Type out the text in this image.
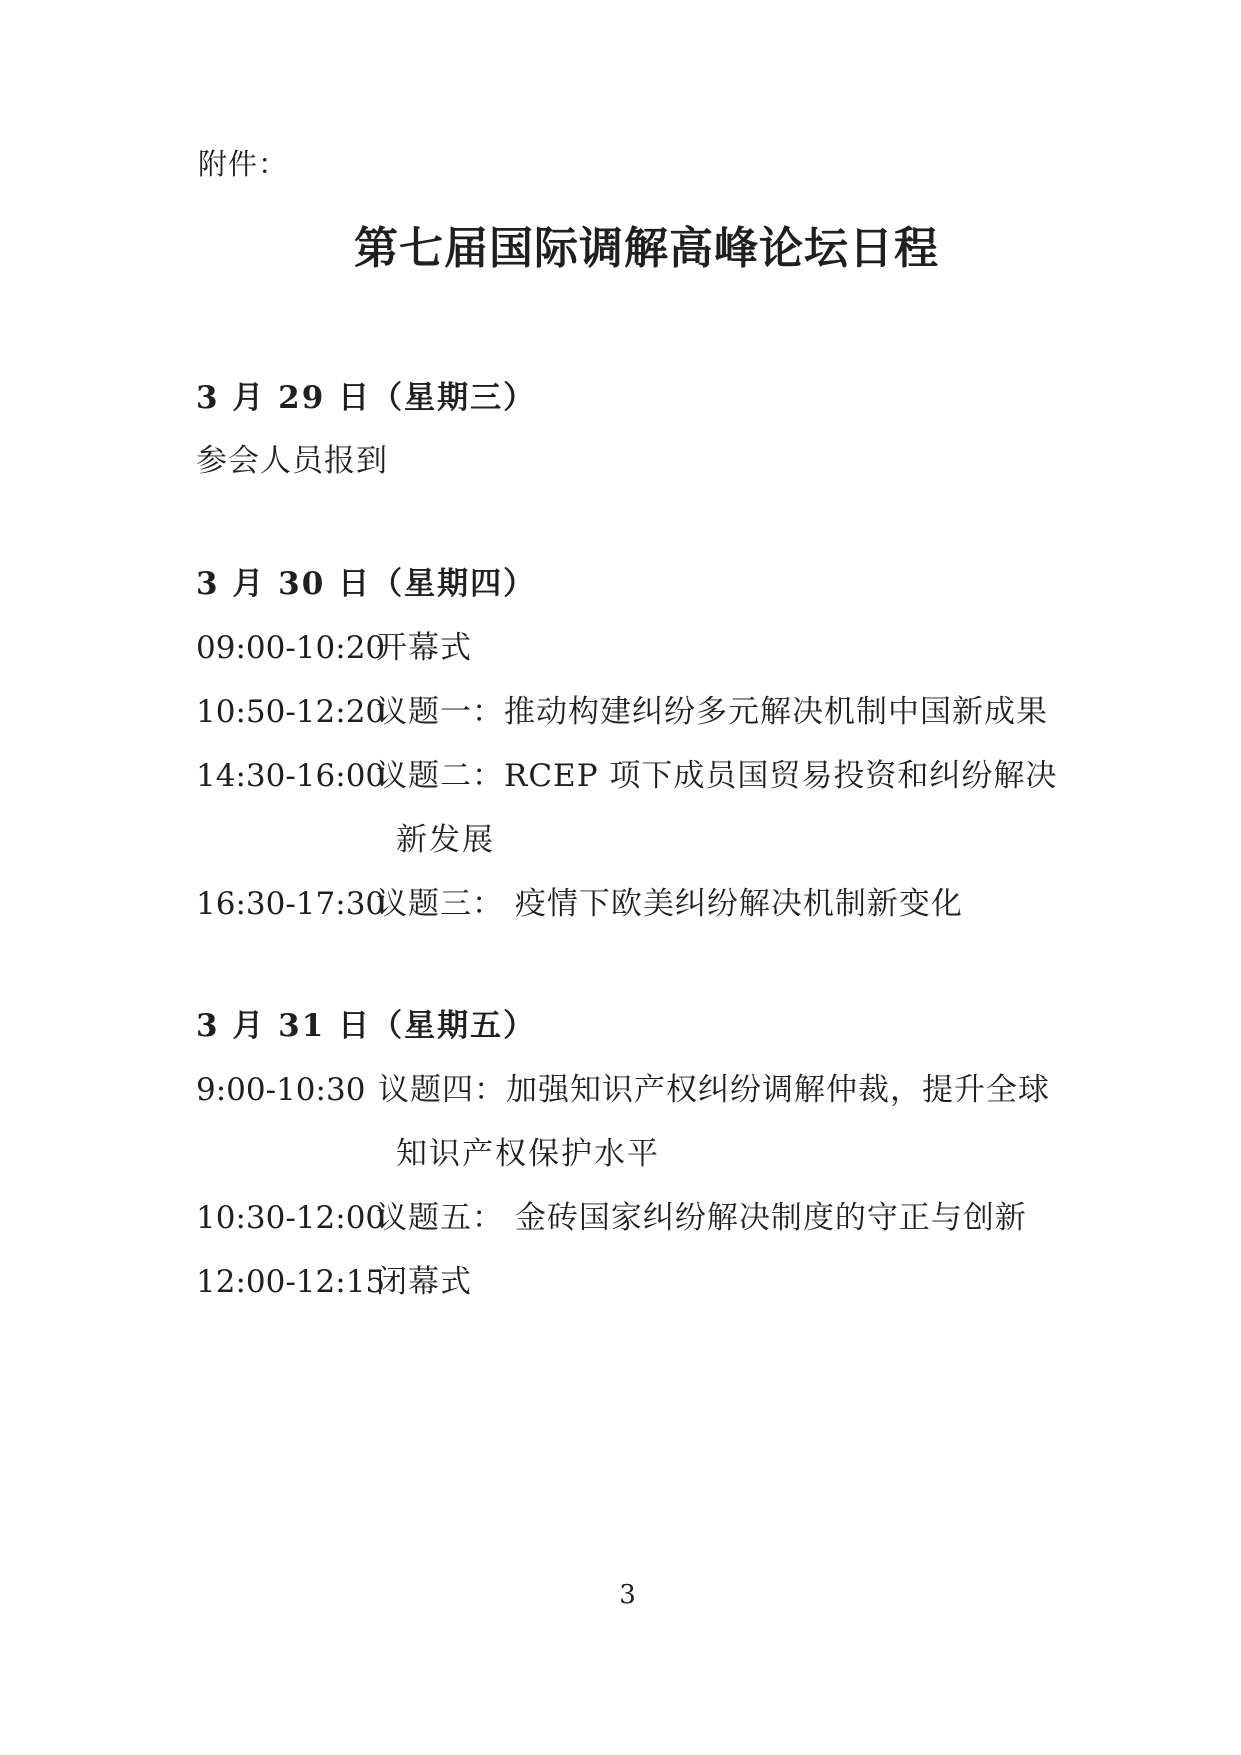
附件：
第七届国际调解高峰论坛日程
3 月 29 日（星期三）
参会人员报到
3 月 30 日（星期四）
09:00-10:20开幕式
10:50-12:20议题一：推动构建纠纷多元解决机制中国新成果
14:30-16:00议题二：RCEP 项下成员国贸易投资和纠纷解决
新发展
16:30-17:30议题三： 疫情下欧美纠纷解决机制新变化
3 月 31 日（星期五）
9:00-10:30 议题四：加强知识产权纠纷调解仲裁，提升全球
知识产权保护水平
10:30-12:00议题五： 金砖国家纠纷解决制度的守正与创新
12:00-12:15闭幕式
3
